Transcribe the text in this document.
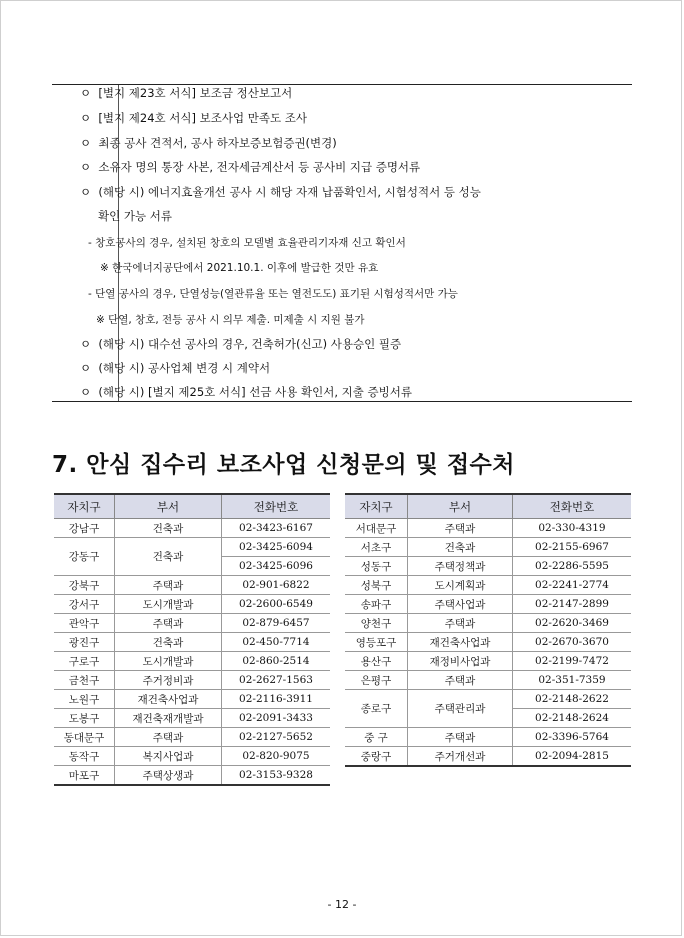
ㅇ [별지 제23호 서식] 보조금 정산보고서
ㅇ [별지 제24호 서식] 보조사업 만족도 조사
ㅇ 최종 공사 견적서, 공사 하자보증보험증권(변경)
ㅇ 소유자 명의 통장 사본, 전자세금계산서 등 공사비 지급 증명서류
ㅇ (해당 시) 에너지효율개선 공사 시 해당 자재 납품확인서, 시험성적서 등 성능
확인 가능 서류
- 창호공사의 경우, 설치된 창호의 모델별 효율관리기자재 신고 확인서
※ 한국에너지공단에서 2021.10.1. 이후에 발급한 것만 유효
- 단열 공사의 경우, 단열성능(열관류율 또는 열전도도) 표기된 시험성적서만 가능
※ 단열, 창호, 전등 공사 시 의무 제출. 미제출 시 지원 불가
ㅇ (해당 시) 대수선 공사의 경우, 건축허가(신고) 사용승인 필증
ㅇ (해당 시) 공사업체 변경 시 계약서
ㅇ (해당 시) [별지 제25호 서식] 선금 사용 확인서, 지출 증빙서류
7. 안심 집수리 보조사업 신청문의 및 접수처
자치구	부서	전화번호
강남구	건축과	02-3423-6167
강동구	건축과	02-3425-6094
		02-3425-6096
강북구	주택과	02-901-6822
강서구	도시개발과	02-2600-6549
관악구	주택과	02-879-6457
광진구	건축과	02-450-7714
구로구	도시개발과	02-860-2514
금천구	주거정비과	02-2627-1563
노원구	재건축사업과	02-2116-3911
도봉구	재건축재개발과	02-2091-3433
동대문구	주택과	02-2127-5652
동작구	복지사업과	02-820-9075
마포구	주택상생과	02-3153-9328
자치구	부서	전화번호
서대문구	주택과	02-330-4319
서초구	건축과	02-2155-6967
성동구	주택정책과	02-2286-5595
성북구	도시계획과	02-2241-2774
송파구	주택사업과	02-2147-2899
양천구	주택과	02-2620-3469
영등포구	재건축사업과	02-2670-3670
용산구	재정비사업과	02-2199-7472
은평구	주택과	02-351-7359
종로구	주택관리과	02-2148-2622
		02-2148-2624
중 구	주택과	02-3396-5764
중랑구	주거개선과	02-2094-2815
- 12 -
